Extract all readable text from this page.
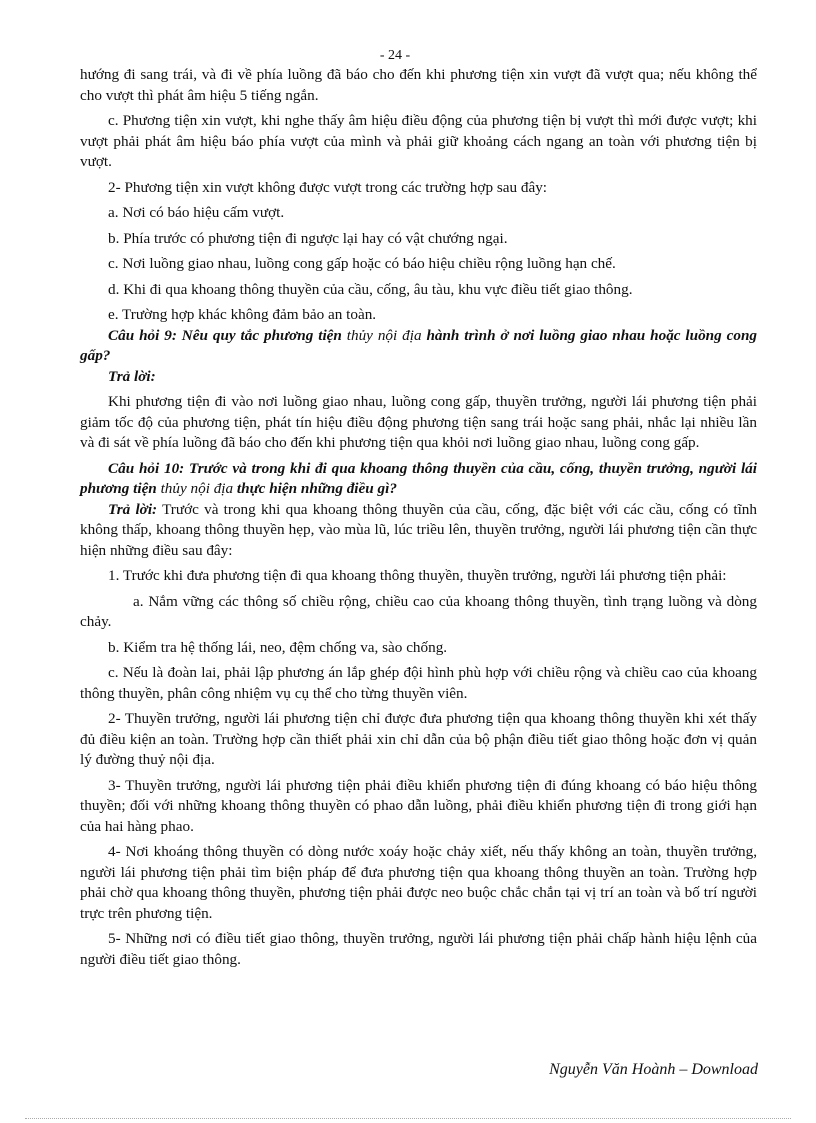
- 24 -

hướng đi sang trái, và đi về phía luồng đã báo cho đến khi phương tiện xin vượt đã vượt qua; nếu không thể cho vượt thì phát âm hiệu 5 tiếng ngắn.

c. Phương tiện xin vượt, khi nghe thấy âm hiệu điều động của phương tiện bị vượt thì mới được vượt; khi vượt phải phát âm hiệu báo phía vượt của mình và phải giữ khoảng cách ngang an toàn với phương tiện bị vượt.

2- Phương tiện xin vượt không được vượt trong các trường hợp sau đây:

a. Nơi có báo hiệu cấm vượt.

b. Phía trước có phương tiện đi ngược lại hay có vật chướng ngại.

c. Nơi luồng giao nhau, luồng cong gấp hoặc có báo hiệu chiều rộng luồng hạn chế.

d. Khi đi qua khoang thông thuyền của cầu, cống, âu tàu, khu vực điều tiết giao thông.

e. Trường hợp khác không đảm bảo an toàn.

Câu hỏi 9: Nêu quy tắc phương tiện thủy nội địa hành trình ở nơi luồng giao nhau hoặc luồng cong gấp?

Trả lời:

Khi phương tiện đi vào nơi luồng giao nhau, luồng cong gấp, thuyền trưởng, người lái phương tiện phải giảm tốc độ của phương tiện, phát tín hiệu điều động phương tiện sang trái hoặc sang phải, nhắc lại nhiều lần và đi sát về phía luồng đã báo cho đến khi phương tiện qua khỏi nơi luồng giao nhau, luồng cong gấp.

Câu hỏi 10: Trước và trong khi đi qua khoang thông thuyền của cầu, cống, thuyền trưởng, người lái phương tiện thủy nội địa thực hiện những điều gì?

Trả lời: Trước và trong khi qua khoang thông thuyền của cầu, cống, đặc biệt với các cầu, cống có tĩnh không thấp, khoang thông thuyền hẹp, vào mùa lũ, lúc triều lên, thuyền trưởng, người lái phương tiện cần thực hiện những điều sau đây:

1. Trước khi đưa phương tiện đi qua khoang thông thuyền, thuyền trưởng, người lái phương tiện phải:

a. Nắm vững các thông số chiều rộng, chiều cao của khoang thông thuyền, tình trạng luồng và dòng chảy.

b. Kiểm tra hệ thống lái, neo, đệm chống va, sào chống.

c. Nếu là đoàn lai, phải lập phương án lắp ghép đội hình phù hợp với chiều rộng và chiều cao của khoang thông thuyền, phân công nhiệm vụ cụ thể cho từng thuyền viên.

2- Thuyền trưởng, người lái phương tiện chỉ được đưa phương tiện qua khoang thông thuyền khi xét thấy đủ điều kiện an toàn. Trường hợp cần thiết phải xin chỉ dẫn của bộ phận điều tiết giao thông hoặc đơn vị quản lý đường thuỷ nội địa.

3- Thuyền trưởng, người lái phương tiện phải điều khiển phương tiện đi đúng khoang có báo hiệu thông thuyền; đối với những khoang thông thuyền có phao dẫn luồng, phải điều khiển phương tiện đi trong giới hạn của hai hàng phao.

4- Nơi khoáng thông thuyền có dòng nước xoáy hoặc chảy xiết, nếu thấy không an toàn, thuyền trưởng, người lái phương tiện phải tìm biện pháp để đưa phương tiện qua khoang thông thuyền an toàn. Trường hợp phải chờ qua khoang thông thuyền, phương tiện phải được neo buộc chắc chắn tại vị trí an toàn và bố trí người trực trên phương tiện.

5- Những nơi có điều tiết giao thông, thuyền trưởng, người lái phương tiện phải chấp hành hiệu lệnh của người điều tiết giao thông.

Nguyễn Văn Hoành – Download
